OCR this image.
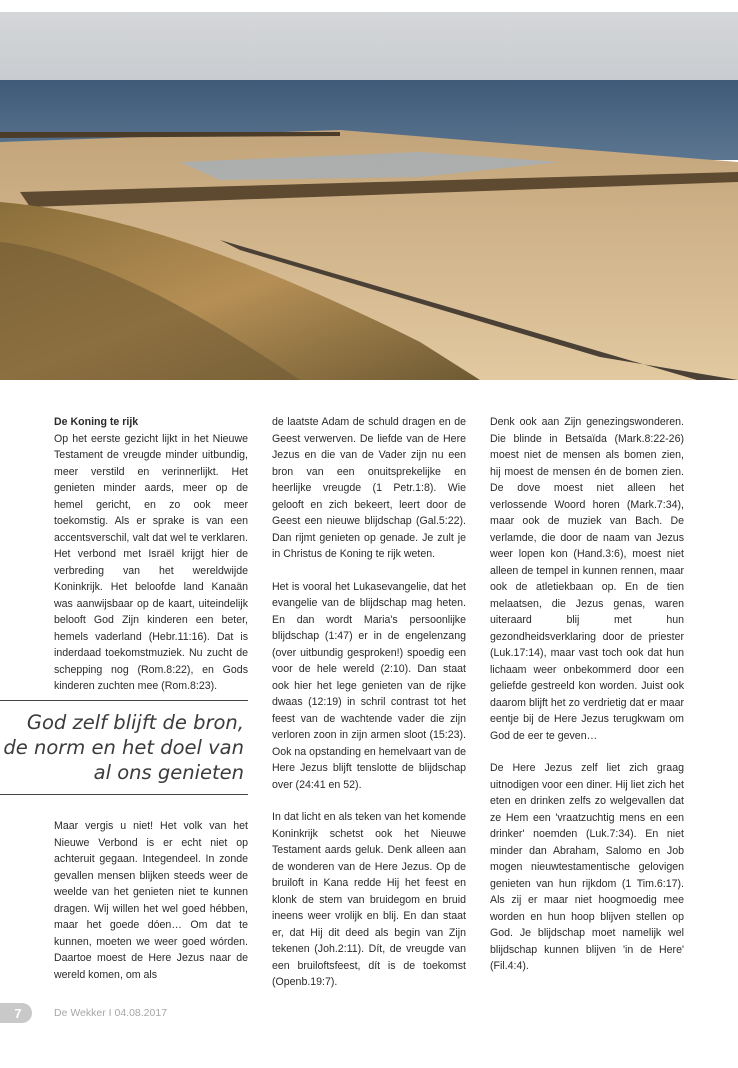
De Koning te rijk

Op het eerste gezicht lijkt in het Nieuwe Testament de vreugde minder uitbundig, meer verstild en verinnerlijkt. Het genieten minder aards, meer op de hemel gericht, en zo ook meer toekomstig. Als er sprake is van een accentsverschil, valt dat wel te verklaren. Het verbond met Israël krijgt hier de verbreding van het wereldwijde Koninkrijk. Het beloofde land Kanaän was aanwijsbaar op de kaart, uiteindelijk belooft God Zijn kinderen een beter, hemels vaderland (Hebr.11:16). Dat is inderdaad toekomstmuziek. Nu zucht de schepping nog (Rom.8:22), en Gods kinderen zuchten mee (Rom.8:23).

God zelf blijft de bron, de norm en het doel van al ons genieten

Maar vergis u niet! Het volk van het Nieuwe Verbond is er echt niet op achteruit gegaan. Integendeel. In zonde gevallen mensen blijken steeds weer de weelde van het genieten niet te kunnen dragen. Wij willen het wel goed hébben, maar het goede dóen… Om dat te kunnen, moeten we weer goed wórden. Daartoe moest de Here Jezus naar de wereld komen, om als

de laatste Adam de schuld dragen en de Geest verwerven. De liefde van de Here Jezus en die van de Vader zijn nu een bron van een onuitsprekelijke en heerlijke vreugde (1 Petr.1:8). Wie gelooft en zich bekeert, leert door de Geest een nieuwe blijdschap (Gal.5:22). Dan rijmt genieten op genade. Je zult je in Christus de Koning te rijk weten.

Het is vooral het Lukasevangelie, dat het evangelie van de blijdschap mag heten. En dan wordt Maria's persoonlijke blijdschap (1:47) er in de engelenzang (over uitbundig gesproken!) spoedig een voor de hele wereld (2:10). Dan staat ook hier het lege genieten van de rijke dwaas (12:19) in schril contrast tot het feest van de wachtende vader die zijn verloren zoon in zijn armen sloot (15:23). Ook na opstanding en hemelvaart van de Here Jezus blijft tenslotte de blijdschap over (24:41 en 52).

In dat licht en als teken van het komende Koninkrijk schetst ook het Nieuwe Testament aards geluk. Denk alleen aan de wonderen van de Here Jezus. Op de bruiloft in Kana redde Hij het feest en klonk de stem van bruidegom en bruid ineens weer vrolijk en blij. En dan staat er, dat Hij dit deed als begin van Zijn tekenen (Joh.2:11). Dít, de vreugde van een bruiloftsfeest, dít is de toekomst (Openb.19:7).

Denk ook aan Zijn genezingswonderen. Die blinde in Betsaïda (Mark.8:22-26) moest niet de mensen als bomen zien, hij moest de mensen én de bomen zien. De dove moest niet alleen het verlossende Woord horen (Mark.7:34), maar ook de muziek van Bach. De verlamde, die door de naam van Jezus weer lopen kon (Hand.3:6), moest niet alleen de tempel in kunnen rennen, maar ook de atletiekbaan op. En de tien melaatsen, die Jezus genas, waren uiteraard blij met hun gezondheidsverklaring door de priester (Luk.17:14), maar vast toch ook dat hun lichaam weer onbekommerd door een geliefde gestreeld kon worden. Juist ook daarom blijft het zo verdrietig dat er maar eentje bij de Here Jezus terugkwam om God de eer te geven…

De Here Jezus zelf liet zich graag uitnodigen voor een diner. Hij liet zich het eten en drinken zelfs zo welgevallen dat ze Hem een 'vraatzuchtig mens en een drinker' noemden (Luk.7:34). En niet minder dan Abraham, Salomo en Job mogen nieuwtestamentische gelovigen genieten van hun rijkdom (1 Tim.6:17). Als zij er maar niet hoogmoedig mee worden en hun hoop blijven stellen op God. Je blijdschap moet namelijk wel blijdschap kunnen blijven 'in de Here' (Fil.4:4).

7	De Wekker I 04.08.2017
